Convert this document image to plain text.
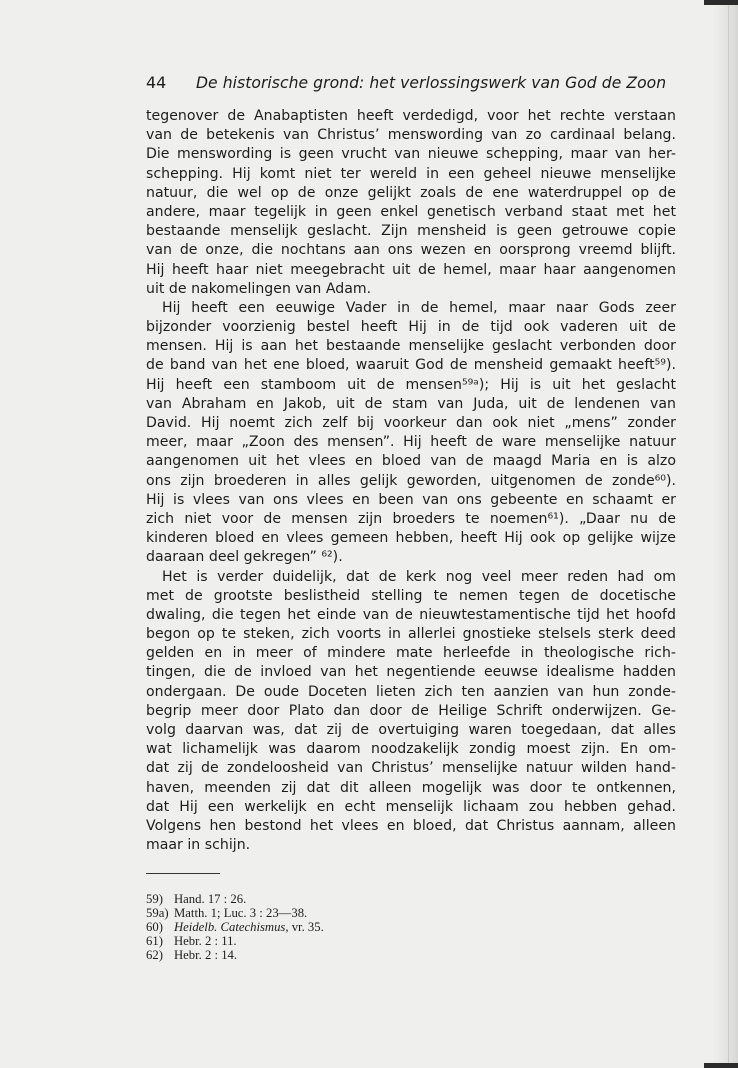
44	De historische grond: het verlossingswerk van God de Zoon
tegenover de Anabaptisten heeft verdedigd, voor het rechte verstaan
van de betekenis van Christus’ menswording van zo cardinaal belang.
Die menswording is geen vrucht van nieuwe schepping, maar van her-
schepping. Hij komt niet ter wereld in een geheel nieuwe menselijke
natuur, die wel op de onze gelijkt zoals de ene waterdruppel op de
andere, maar tegelijk in geen enkel genetisch verband staat met het
bestaande menselijk geslacht. Zijn mensheid is geen getrouwe copie
van de onze, die nochtans aan ons wezen en oorsprong vreemd blijft.
Hij heeft haar niet meegebracht uit de hemel, maar haar aangenomen
uit de nakomelingen van Adam.
Hij heeft een eeuwige Vader in de hemel, maar naar Gods zeer
bijzonder voorzienig bestel heeft Hij in de tijd ook vaderen uit de
mensen. Hij is aan het bestaande menselijke geslacht verbonden door
de band van het ene bloed, waaruit God de mensheid gemaakt heeft⁵⁹).
Hij heeft een stamboom uit de mensen⁵⁹ᵃ); Hij is uit het geslacht
van Abraham en Jakob, uit de stam van Juda, uit de lendenen van
David. Hij noemt zich zelf bij voorkeur dan ook niet „mens” zonder
meer, maar „Zoon des mensen”. Hij heeft de ware menselijke natuur
aangenomen uit het vlees en bloed van de maagd Maria en is alzo
ons zijn broederen in alles gelijk geworden, uitgenomen de zonde⁶⁰).
Hij is vlees van ons vlees en been van ons gebeente en schaamt er
zich niet voor de mensen zijn broeders te noemen⁶¹). „Daar nu de
kinderen bloed en vlees gemeen hebben, heeft Hij ook op gelijke wijze
daaraan deel gekregen” ⁶²).
Het is verder duidelijk, dat de kerk nog veel meer reden had om
met de grootste beslistheid stelling te nemen tegen de docetische
dwaling, die tegen het einde van de nieuwtestamentische tijd het hoofd
begon op te steken, zich voorts in allerlei gnostieke stelsels sterk deed
gelden en in meer of mindere mate herleefde in theologische rich-
tingen, die de invloed van het negentiende eeuwse idealisme hadden
ondergaan. De oude Doceten lieten zich ten aanzien van hun zonde-
begrip meer door Plato dan door de Heilige Schrift onderwijzen. Ge-
volg daarvan was, dat zij de overtuiging waren toegedaan, dat alles
wat lichamelijk was daarom noodzakelijk zondig moest zijn. En om-
dat zij de zondeloosheid van Christus’ menselijke natuur wilden hand-
haven, meenden zij dat dit alleen mogelijk was door te ontkennen,
dat Hij een werkelijk en echt menselijk lichaam zou hebben gehad.
Volgens hen bestond het vlees en bloed, dat Christus aannam, alleen
maar in schijn.
59) Hand. 17 : 26.
59a) Matth. 1; Luc. 3 : 23—38.
60) Heidelb. Catechismus, vr. 35.
61) Hebr. 2 : 11.
62) Hebr. 2 : 14.
